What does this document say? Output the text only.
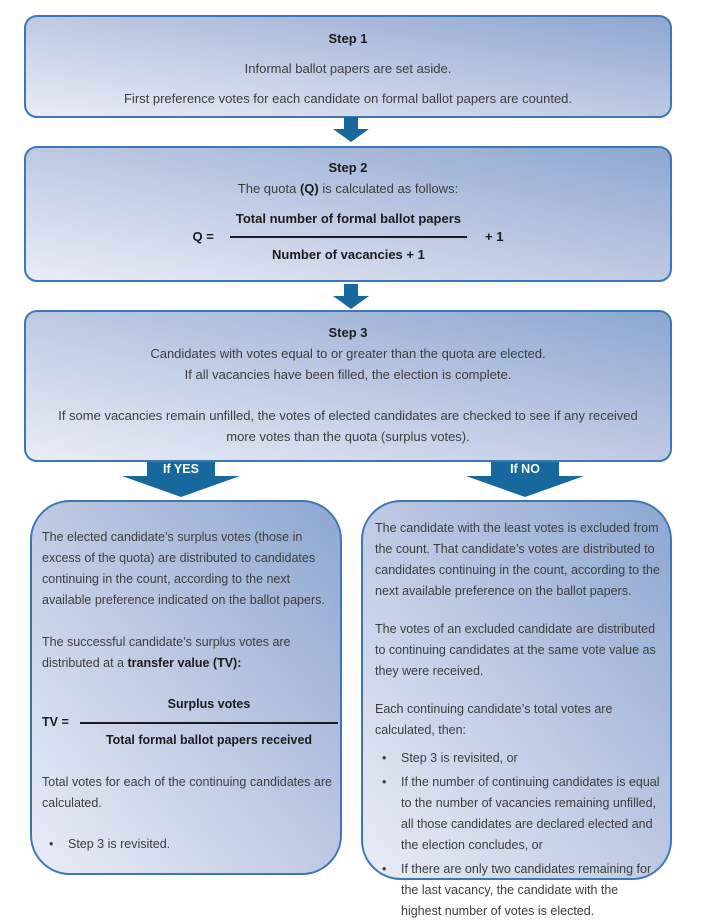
Step 1
Informal ballot papers are set aside.
First preference votes for each candidate on formal ballot papers are counted.
Step 2
The quota (Q) is calculated as follows:
$Q = \frac{\text{Total number of formal ballot papers}}{\text{Number of vacancies + 1}} + 1$
Step 3
Candidates with votes equal to or greater than the quota are elected.
If all vacancies have been filled, the election is complete.
If some vacancies remain unfilled, the votes of elected candidates are checked to see if any received more votes than the quota (surplus votes).
If YES	If NO

The elected candidate’s surplus votes (those in excess of the quota) are distributed to candidates continuing in the count, according to the next available preference indicated on the ballot papers.

The successful candidate’s surplus votes are distributed at a transfer value (TV):

TV =	$\frac{\text{Surplus votes}}{\text{Total formal ballot papers received}}$

Total votes for each of the continuing candidates are calculated.

• Step 3 is revisited.

The candidate with the least votes is excluded from the count. That candidate’s votes are distributed to candidates continuing in the count, according to the next available preference on the ballot papers.

The votes of an excluded candidate are distributed to continuing candidates at the same vote value as they were received.

Each continuing candidate’s total votes are calculated, then:

• Step 3 is revisited, or
• If the number of continuing candidates is equal to the number of vacancies remaining unfilled, all those candidates are declared elected and the election concludes, or
• If there are only two candidates remaining for the last vacancy, the candidate with the highest number of votes is elected.
